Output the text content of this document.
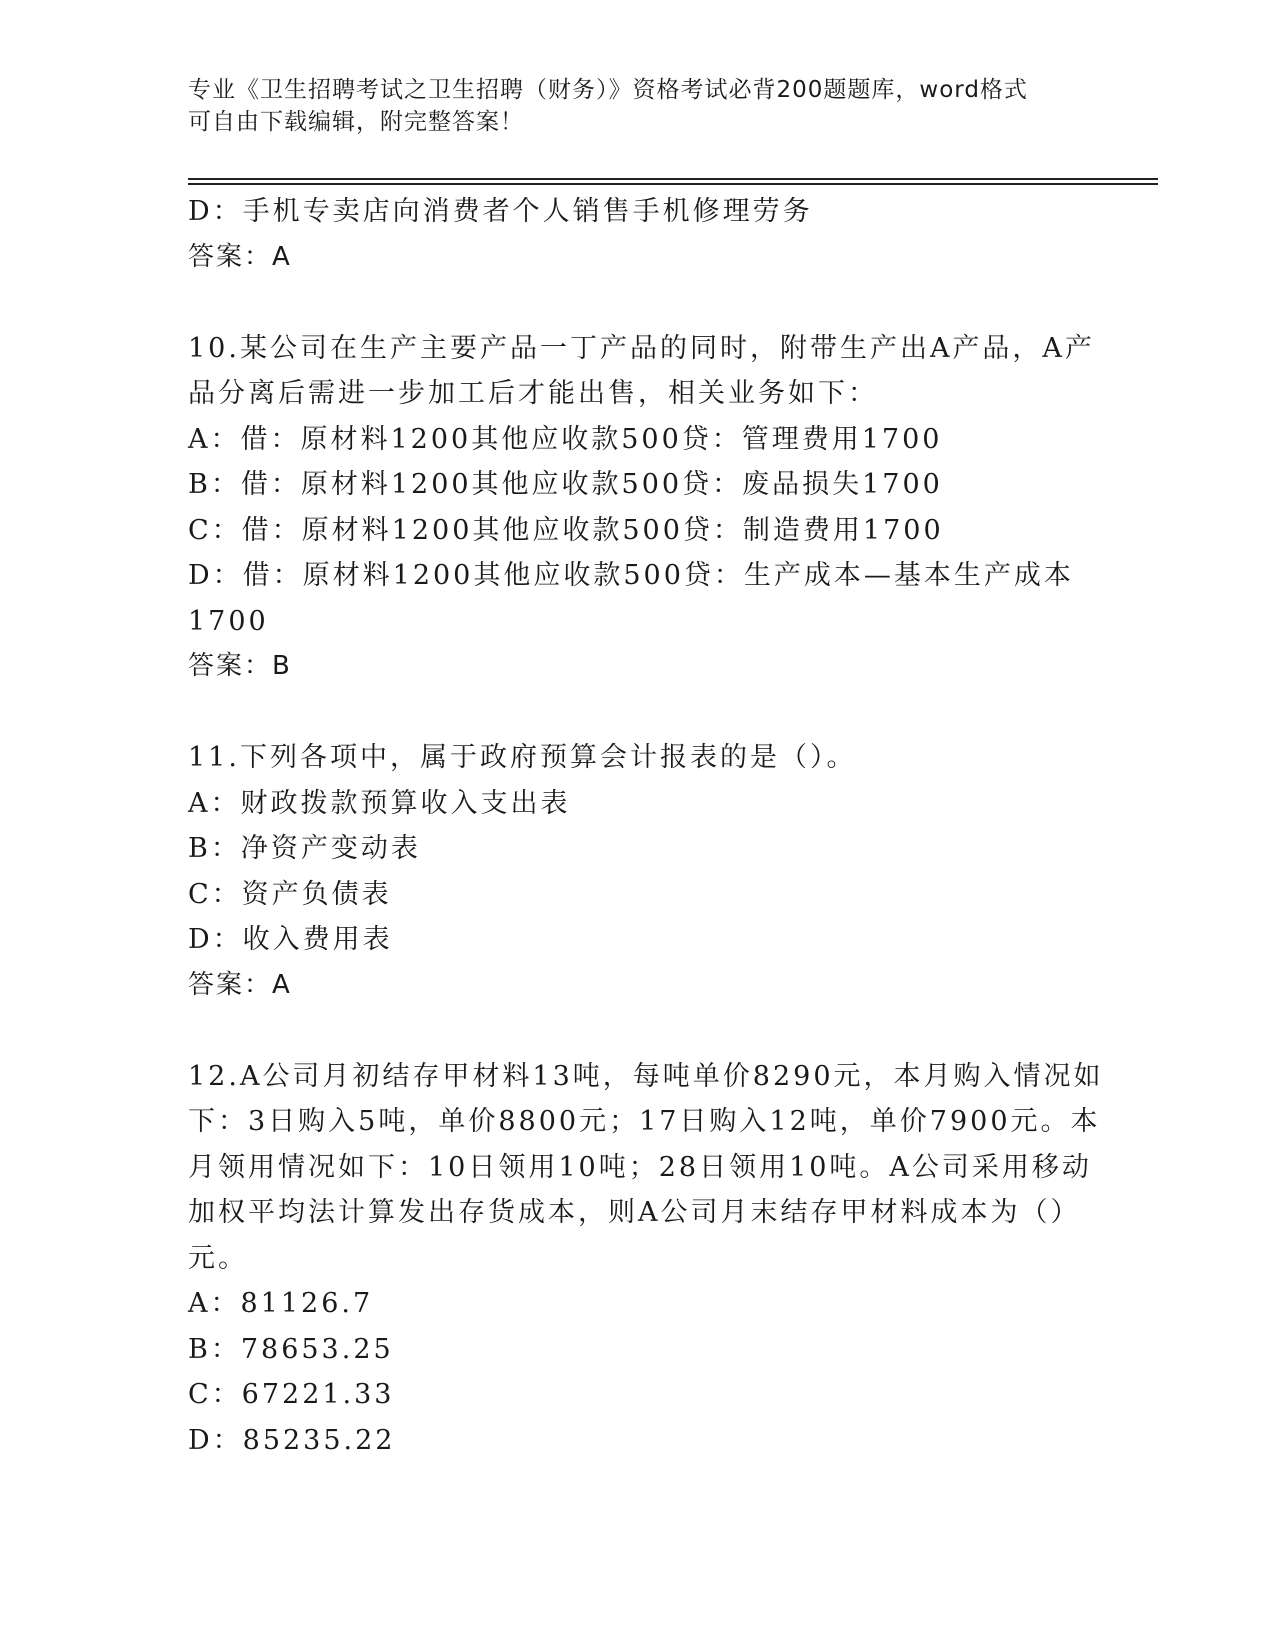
专业《卫生招聘考试之卫生招聘（财务）》资格考试必背200题题库，word格式
可自由下载编辑，附完整答案！
D：手机专卖店向消费者个人销售手机修理劳务
答案：A
10.某公司在生产主要产品一丁产品的同时，附带生产出A产品，A产
品分离后需进一步加工后才能出售，相关业务如下：
A：借：原材料1200其他应收款500贷：管理费用1700
B：借：原材料1200其他应收款500贷：废品损失1700
C：借：原材料1200其他应收款500贷：制造费用1700
D：借：原材料1200其他应收款500贷：生产成本—基本生产成本
1700
答案：B
11.下列各项中，属于政府预算会计报表的是（）。
A：财政拨款预算收入支出表
B：净资产变动表
C：资产负债表
D：收入费用表
答案：A
12.A公司月初结存甲材料13吨，每吨单价8290元，本月购入情况如
下：3日购入5吨，单价8800元；17日购入12吨，单价7900元。本
月领用情况如下：10日领用10吨；28日领用10吨。A公司采用移动
加权平均法计算发出存货成本，则A公司月末结存甲材料成本为（）
元。
A：81126.7
B：78653.25
C：67221.33
D：85235.22
